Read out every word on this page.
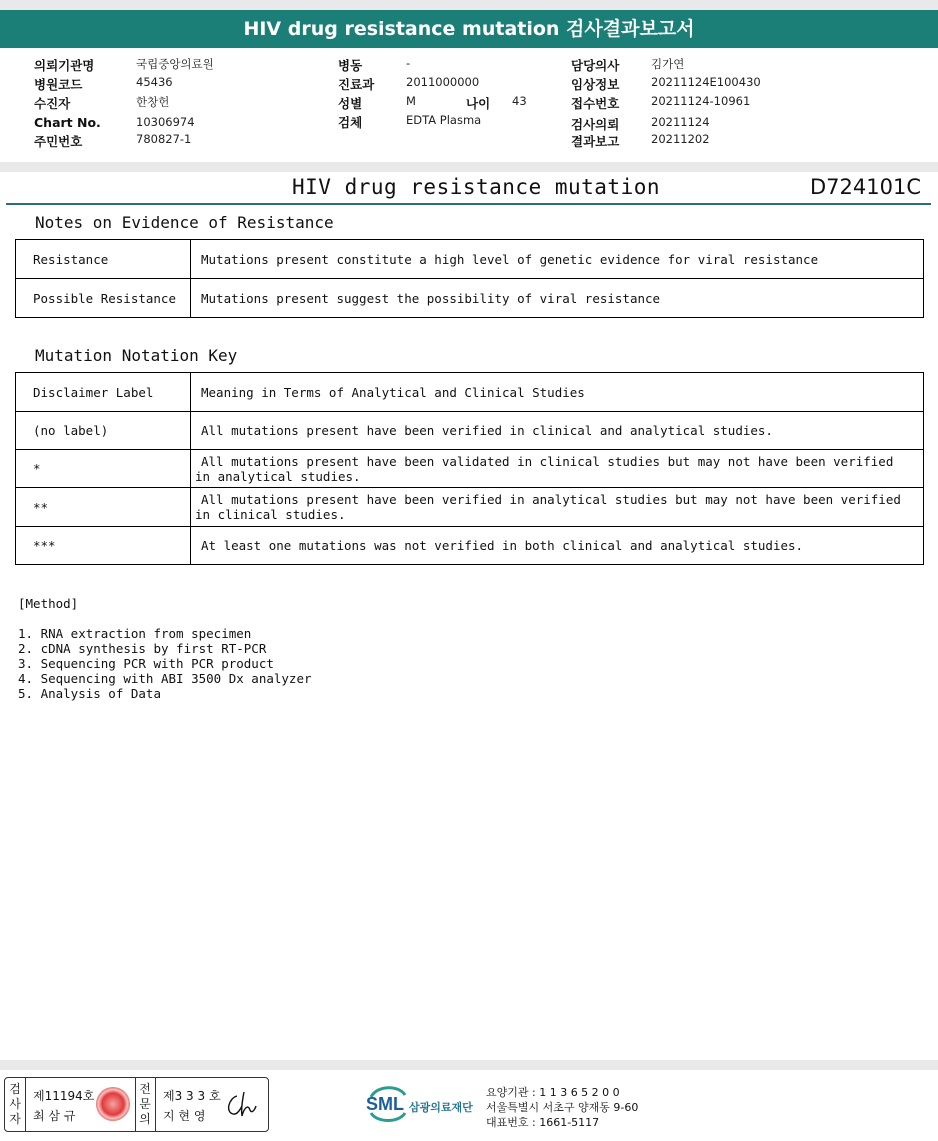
HIV drug resistance mutation 검사결과보고서
의뢰기관명	국립중앙의료원
병원코드	45436
수진자	한창헌
Chart No.	10306974
주민번호	780827-1
병동	-
진료과	2011000000
성별	M	나이 43
검체	EDTA Plasma
담당의사	김가연
임상정보	20211124E100430
접수번호	20211124-10961
검사의뢰	20211124
결과보고	20211202
HIV drug resistance mutation	D724101C
Notes on Evidence of Resistance
Resistance	Mutations present constitute a high level of genetic evidence for viral resistance
Possible Resistance	Mutations present suggest the possibility of viral resistance
Mutation Notation Key
Disclaimer Label	Meaning in Terms of Analytical and Clinical Studies
(no label)	All mutations present have been verified in clinical and analytical studies.
*	All mutations present have been validated in clinical studies but may not have been verified
in analytical studies.

**	All mutations present have been verified in analytical studies but may not have been verified
in clinical studies.

***	At least one mutations was not verified in both clinical and analytical studies.
[Method]
1. RNA extraction from specimen
2. cDNA synthesis by first RT-PCR
3. Sequencing PCR with PCR product
4. Sequencing with ABI 3500 Dx analyzer
5. Analysis of Data
검
사
자
제11194호
최 삼 규
전
문
의
제3 3 3 호
지 현 영
SML 삼광의료재단
요양기관 : 1 1 3 6 5 2 0 0
서울특별시 서초구 양재동 9-60
대표번호 : 1661-5117
